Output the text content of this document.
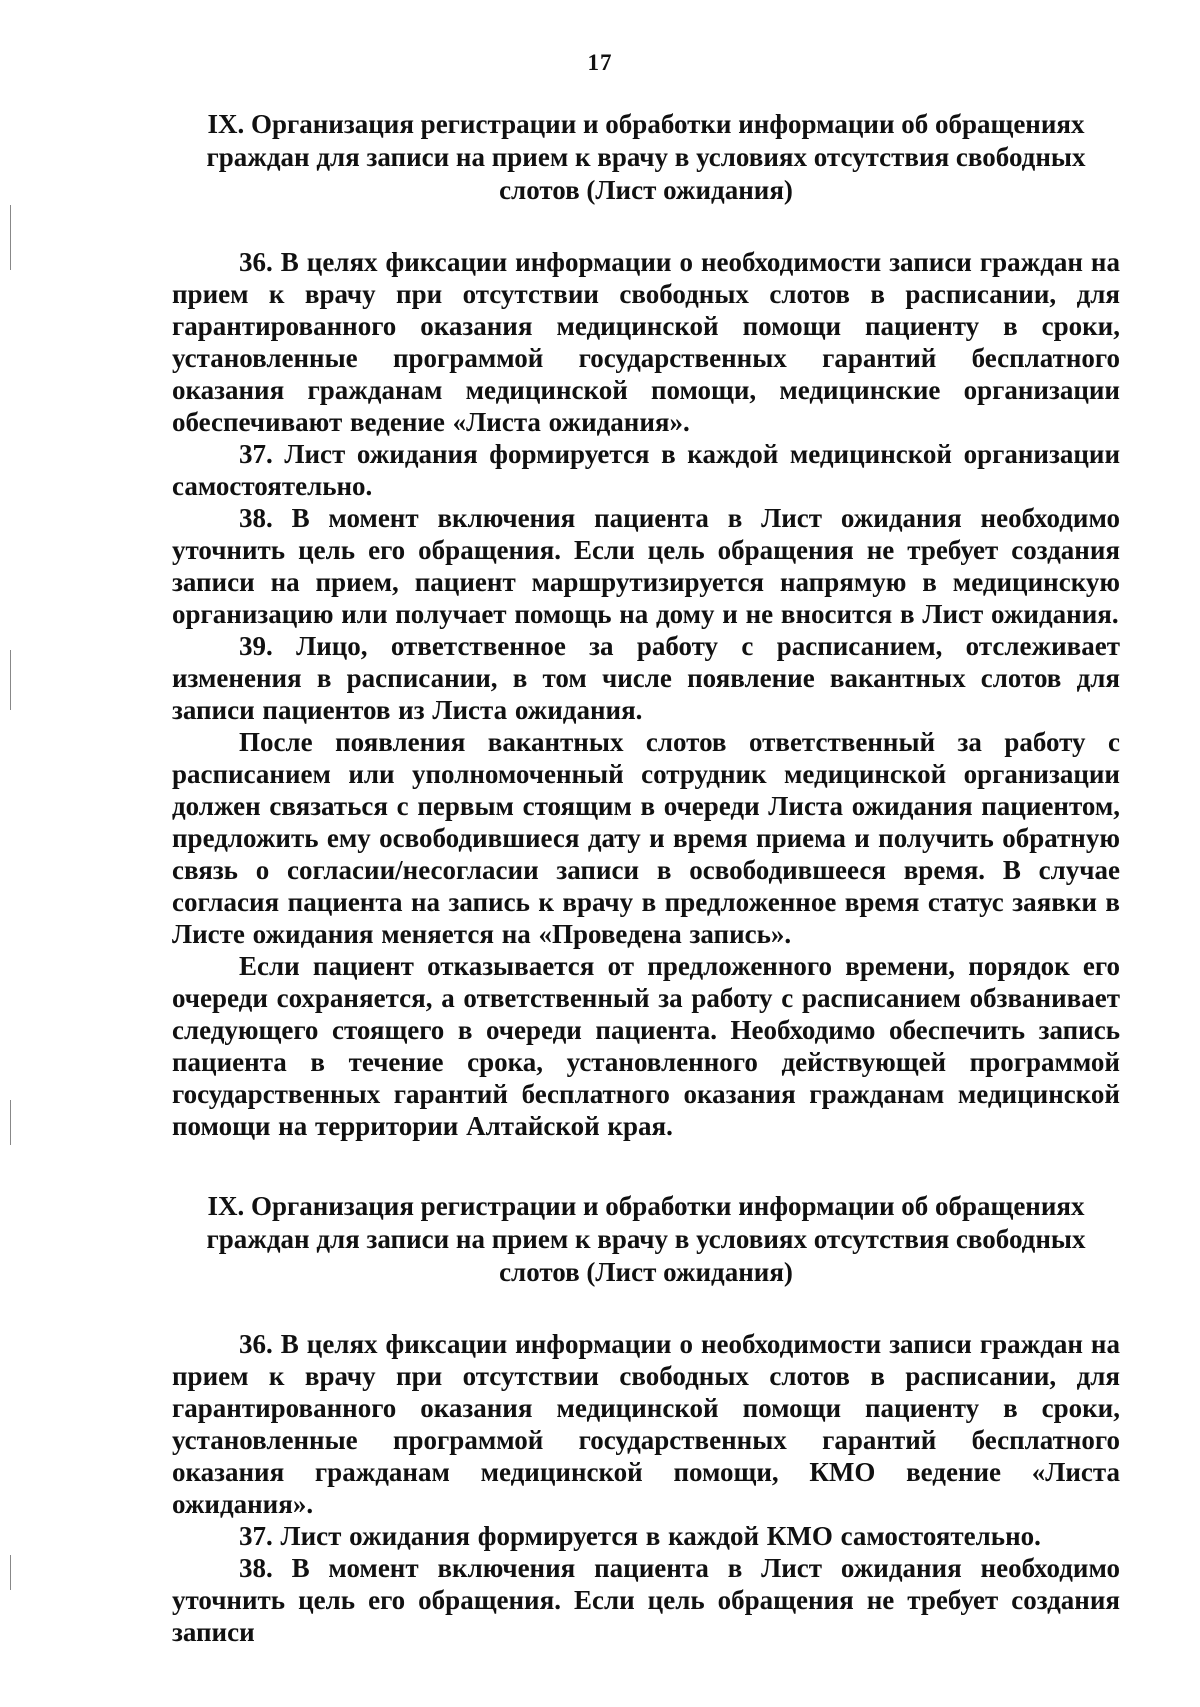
17
IX. Организация регистрации и обработки информации об обращениях граждан для записи на прием к врачу в условиях отсутствия свободных слотов (Лист ожидания)

36. В целях фиксации информации о необходимости записи граждан на прием к врачу при отсутствии свободных слотов в расписании, для гарантированного оказания медицинской помощи пациенту в сроки, установленные программой государственных гарантий бесплатного оказания гражданам медицинской помощи, медицинские организации обеспечивают ведение «Листа ожидания».

37. Лист ожидания формируется в каждой медицинской организации самостоятельно.

38. В момент включения пациента в Лист ожидания необходимо уточнить цель его обращения. Если цель обращения не требует создания записи на прием, пациент маршрутизируется напрямую в медицинскую организацию или получает помощь на дому и не вносится в Лист ожидания.

39. Лицо, ответственное за работу с расписанием, отслеживает изменения в расписании, в том числе появление вакантных слотов для записи пациентов из Листа ожидания.

После появления вакантных слотов ответственный за работу с расписанием или уполномоченный сотрудник медицинской организации должен связаться с первым стоящим в очереди Листа ожидания пациентом, предложить ему освободившиеся дату и время приема и получить обратную связь о согласии/несогласии записи в освободившееся время. В случае согласия пациента на запись к врачу в предложенное время статус заявки в Листе ожидания меняется на «Проведена запись».

Если пациент отказывается от предложенного времени, порядок его очереди сохраняется, а ответственный за работу с расписанием обзванивает следующего стоящего в очереди пациента. Необходимо обеспечить запись пациента в течение срока, установленного действующей программой государственных гарантий бесплатного оказания гражданам медицинской помощи на территории Алтайской края.

IX. Организация регистрации и обработки информации об обращениях граждан для записи на прием к врачу в условиях отсутствия свободных слотов (Лист ожидания)

36. В целях фиксации информации о необходимости записи граждан на прием к врачу при отсутствии свободных слотов в расписании, для гарантированного оказания медицинской помощи пациенту в сроки, установленные программой государственных гарантий бесплатного оказания гражданам медицинской помощи, КМО ведение «Листа ожидания».

37. Лист ожидания формируется в каждой КМО самостоятельно.

38. В момент включения пациента в Лист ожидания необходимо уточнить цель его обращения. Если цель обращения не требует создания записи
